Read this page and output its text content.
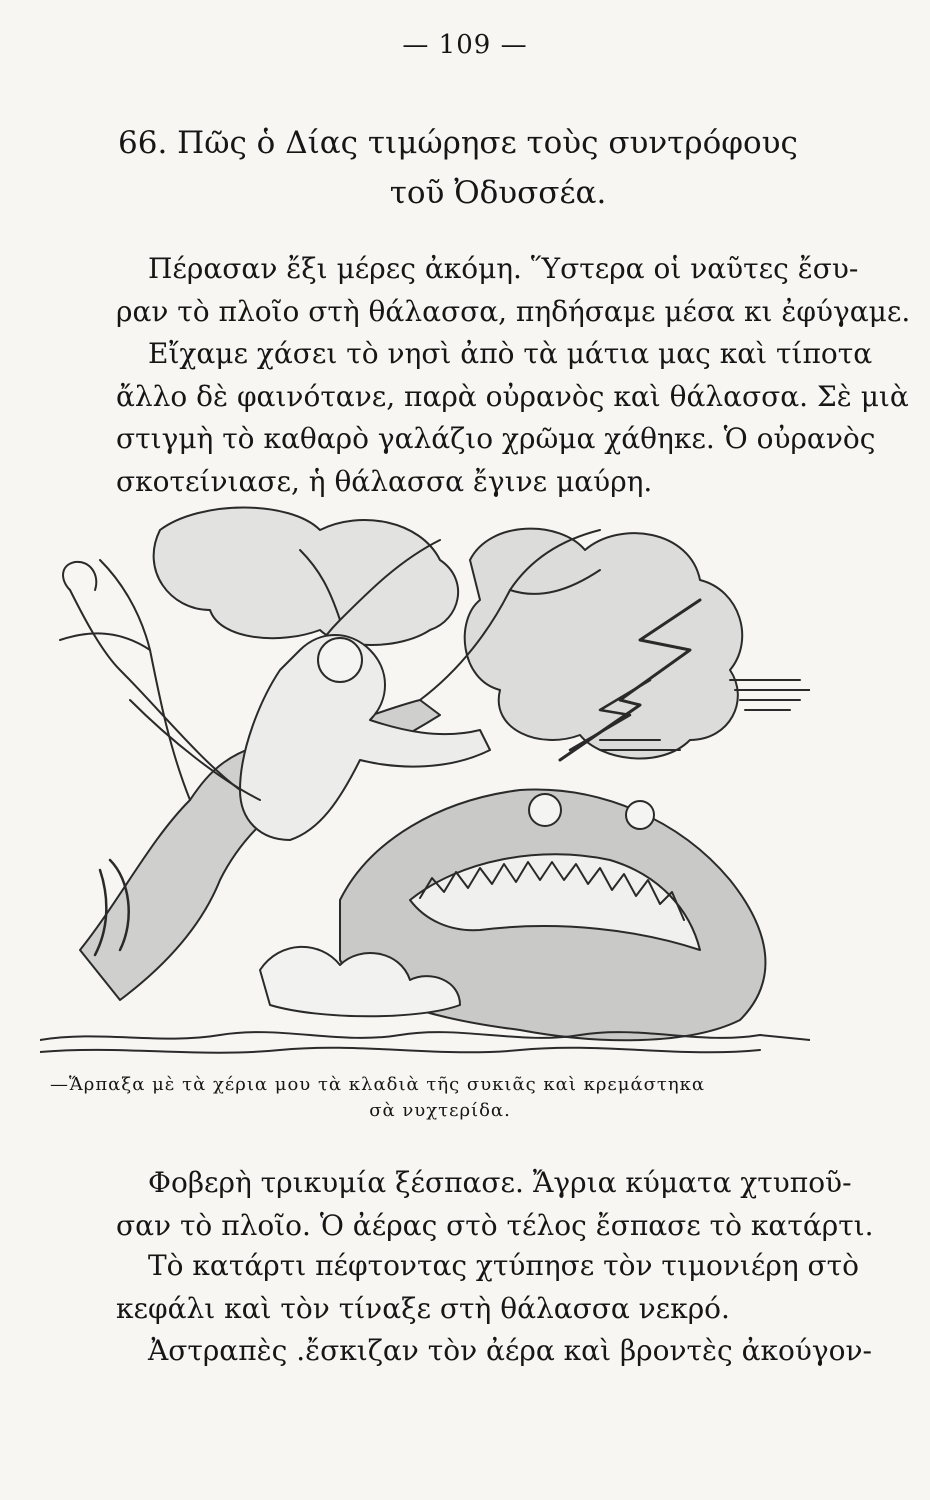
— 109 —
66. Πῶς ὁ Δίας τιμώρησε τοὺς συντρόφους
τοῦ Ὀδυσσέα.
Πέρασαν ἔξι μέρες ἀκόμη. Ὕστερα οἱ ναῦτες ἔσυ-
ραν τὸ πλοῖο στὴ θάλασσα, πηδήσαμε μέσα κι ἐφύγαμε.
Εἴχαμε χάσει τὸ νησὶ ἀπὸ τὰ μάτια μας καὶ τίποτα
ἄλλο δὲ φαινότανε, παρὰ οὐρανὸς καὶ θάλασσα. Σὲ μιὰ
στιγμὴ τὸ καθαρὸ γαλάζιο χρῶμα χάθηκε. Ὁ οὐρανὸς
σκοτείνιασε, ἡ θάλασσα ἔγινε μαύρη.
—Ἅρπαξα μὲ τὰ χέρια μου τὰ κλαδιὰ τῆς συκιᾶς καὶ κρεμάστηκα
σὰ νυχτερίδα.
Φοβερὴ τρικυμία ξέσπασε. Ἄγρια κύματα χτυποῦ-
σαν τὸ πλοῖο. Ὁ ἀέρας στὸ τέλος ἔσπασε τὸ κατάρτι.
Τὸ κατάρτι πέφτοντας χτύπησε τὸν τιμονιέρη στὸ
κεφάλι καὶ τὸν τίναξε στὴ θάλασσα νεκρό.
Ἀστραπὲς .ἔσκιζαν τὸν ἀέρα καὶ βροντὲς ἀκούγον-
